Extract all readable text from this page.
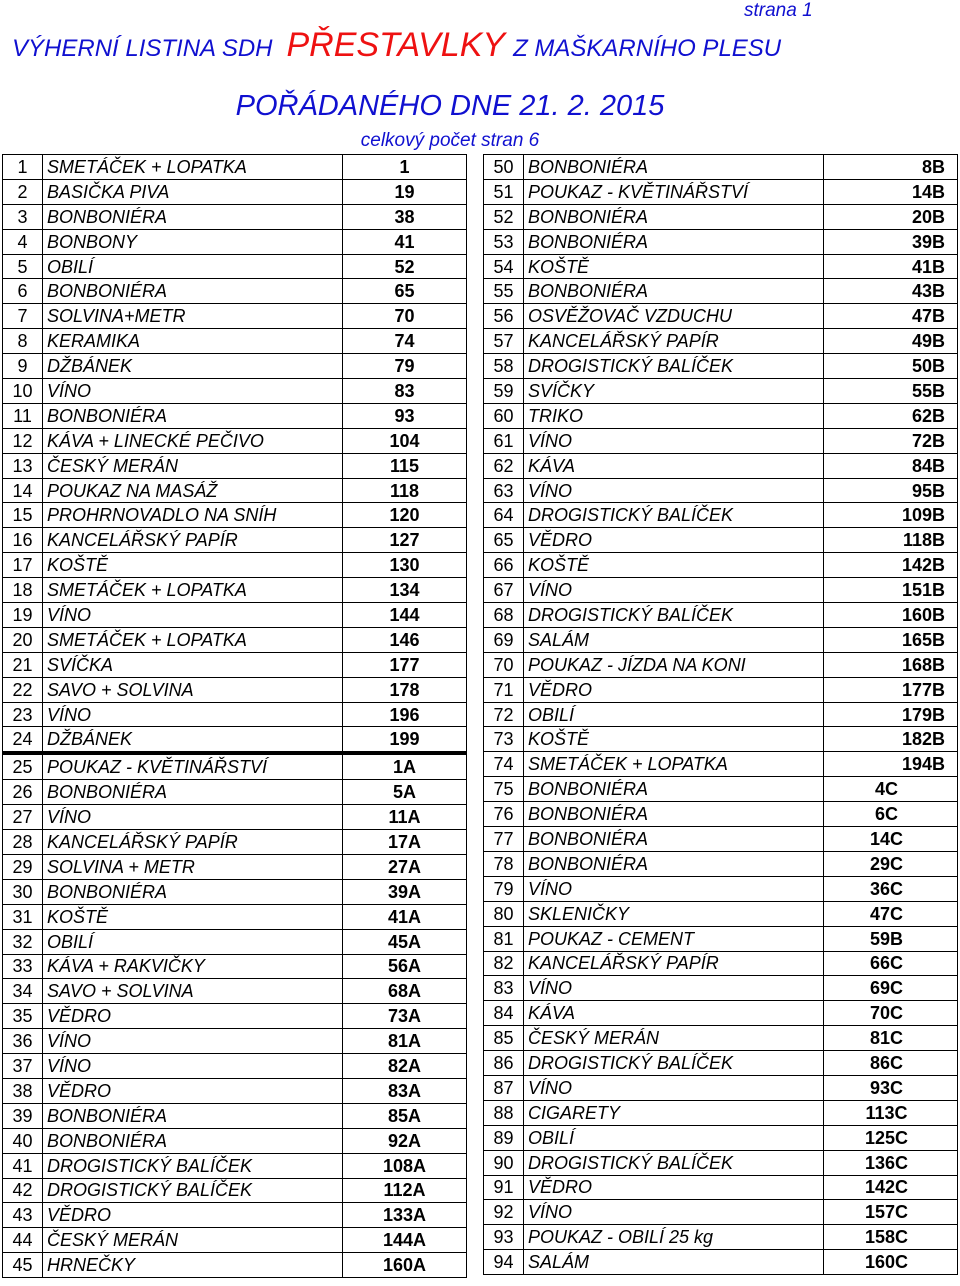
strana 1
VÝHERNÍ LISTINA SDH PŘESTAVLKY Z MAŠKARNÍHO PLESU
POŘÁDANÉHO DNE 21. 2. 2015
celkový počet stran 6
1	SMETÁČEK + LOPATKA	1
2	BASIČKA PIVA	19
3	BONBONIÉRA	38
4	BONBONY	41
5	OBILÍ	52
6	BONBONIÉRA	65
7	SOLVINA+METR	70
8	KERAMIKA	74
9	DŽBÁNEK	79
10	VÍNO	83
11	BONBONIÉRA	93
12	KÁVA + LINECKÉ PEČIVO	104
13	ČESKÝ MERÁN	115
14	POUKAZ NA MASÁŽ	118
15	PROHRNOVADLO NA SNÍH	120
16	KANCELÁŘSKÝ PAPÍR	127
17	KOŠTĚ	130
18	SMETÁČEK + LOPATKA	134
19	VÍNO	144
20	SMETÁČEK + LOPATKA	146
21	SVÍČKA	177
22	SAVO + SOLVINA	178
23	VÍNO	196
24	DŽBÁNEK	199
25	POUKAZ - KVĚTINÁŘSTVÍ	1A
26	BONBONIÉRA	5A
27	VÍNO	11A
28	KANCELÁŘSKÝ PAPÍR	17A
29	SOLVINA + METR	27A
30	BONBONIÉRA	39A
31	KOŠTĚ	41A
32	OBILÍ	45A
33	KÁVA + RAKVIČKY	56A
34	SAVO + SOLVINA	68A
35	VĚDRO	73A
36	VÍNO	81A
37	VÍNO	82A
38	VĚDRO	83A
39	BONBONIÉRA	85A
40	BONBONIÉRA	92A
41	DROGISTICKÝ BALÍČEK	108A
42	DROGISTICKÝ BALÍČEK	112A
43	VĚDRO	133A
44	ČESKÝ MERÁN	144A
45	HRNEČKY	160A
50	BONBONIÉRA	8B
51	POUKAZ - KVĚTINÁŘSTVÍ	14B
52	BONBONIÉRA	20B
53	BONBONIÉRA	39B
54	KOŠTĚ	41B
55	BONBONIÉRA	43B
56	OSVĚŽOVAČ VZDUCHU	47B
57	KANCELÁŘSKÝ PAPÍR	49B
58	DROGISTICKÝ BALÍČEK	50B
59	SVÍČKY	55B
60	TRIKO	62B
61	VÍNO	72B
62	KÁVA	84B
63	VÍNO	95B
64	DROGISTICKÝ BALÍČEK	109B
65	VĚDRO	118B
66	KOŠTĚ	142B
67	VÍNO	151B
68	DROGISTICKÝ BALÍČEK	160B
69	SALÁM	165B
70	POUKAZ - JÍZDA NA KONI	168B
71	VĚDRO	177B
72	OBILÍ	179B
73	KOŠTĚ	182B
74	SMETÁČEK + LOPATKA	194B
75	BONBONIÉRA	4C
76	BONBONIÉRA	6C
77	BONBONIÉRA	14C
78	BONBONIÉRA	29C
79	VÍNO	36C
80	SKLENIČKY	47C
81	POUKAZ - CEMENT	59B
82	KANCELÁŘSKÝ PAPÍR	66C
83	VÍNO	69C
84	KÁVA	70C
85	ČESKÝ MERÁN	81C
86	DROGISTICKÝ BALÍČEK	86C
87	VÍNO	93C
88	CIGARETY	113C
89	OBILÍ	125C
90	DROGISTICKÝ BALÍČEK	136C
91	VĚDRO	142C
92	VÍNO	157C
93	POUKAZ - OBILÍ 25 kg	158C
94	SALÁM	160C
